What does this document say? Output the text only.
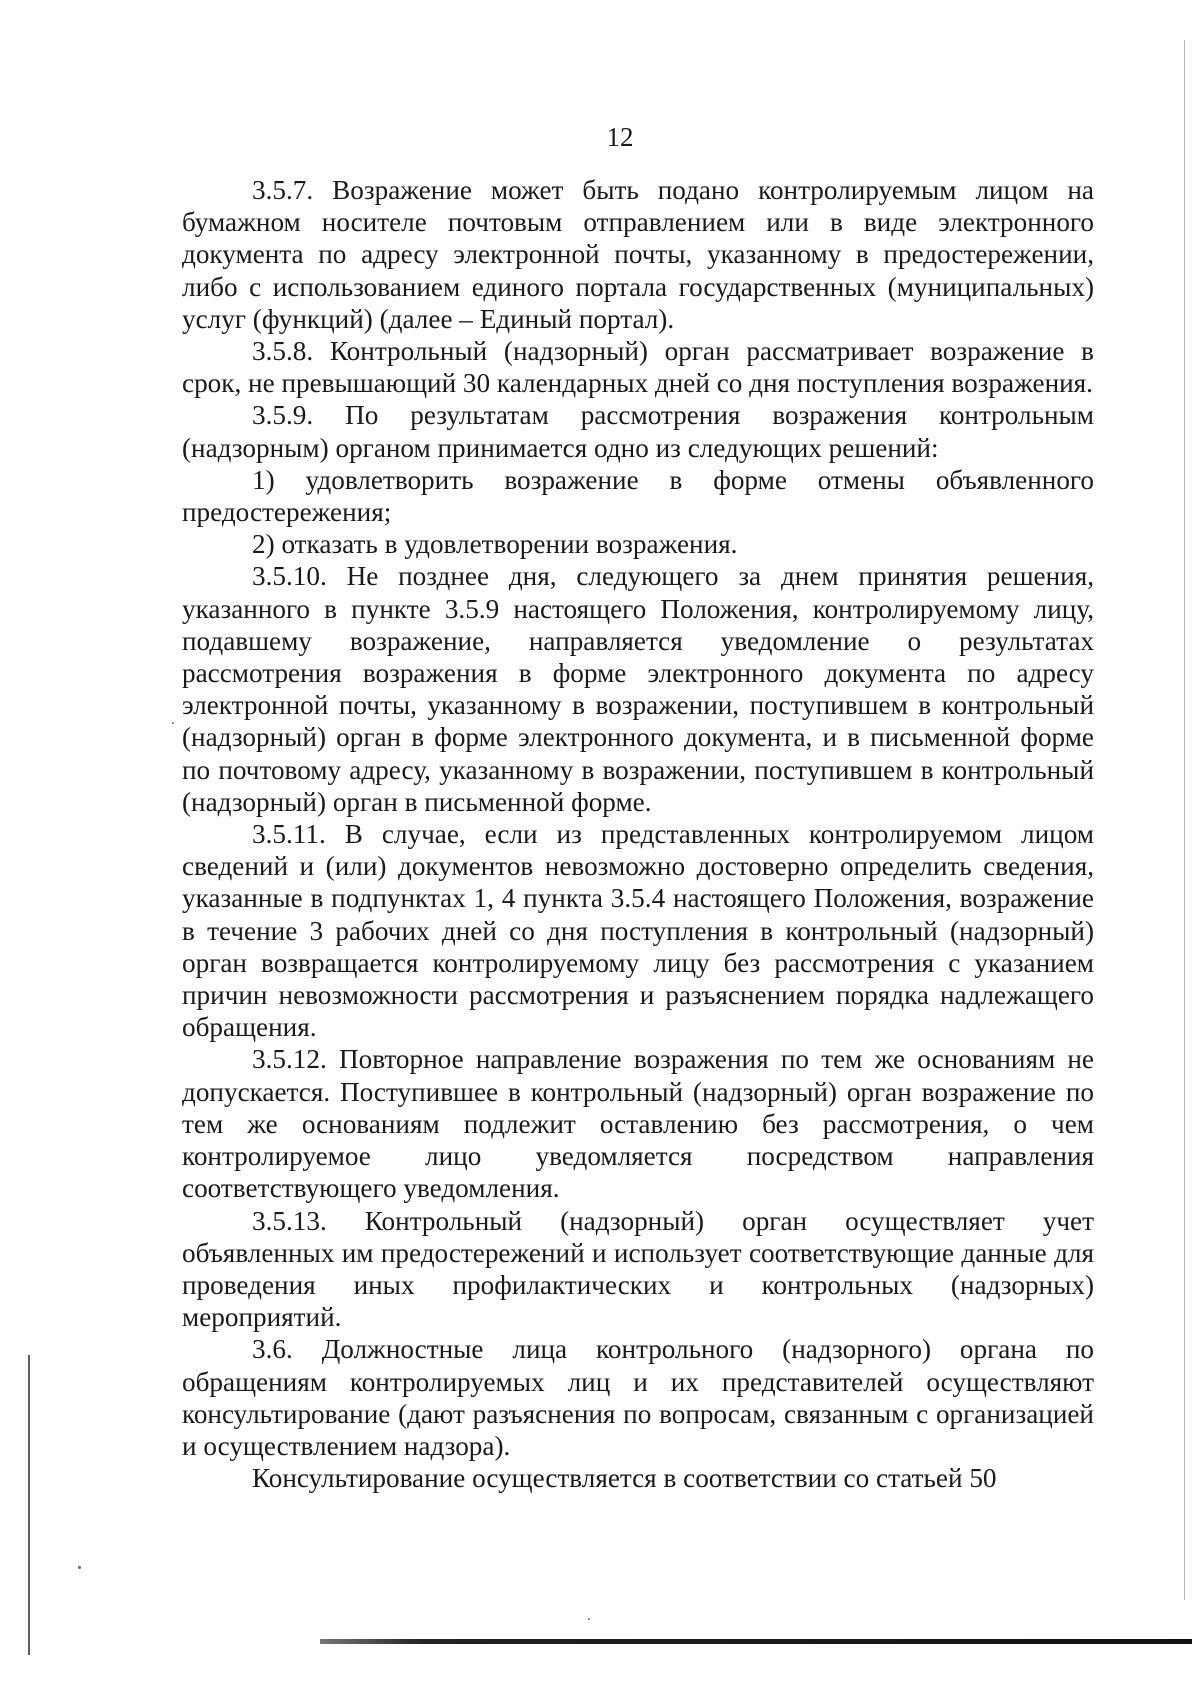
12

3.5.7. Возражение может быть подано контролируемым лицом на бумажном носителе почтовым отправлением или в виде электронного документа по адресу электронной почты, указанному в предостережении, либо с использованием единого портала государственных (муниципальных) услуг (функций) (далее – Единый портал).

3.5.8. Контрольный (надзорный) орган рассматривает возражение в срок, не превышающий 30 календарных дней со дня поступления возражения.

3.5.9. По результатам рассмотрения возражения контрольным (надзорным) органом принимается одно из следующих решений:

1) удовлетворить возражение в форме отмены объявленного предостережения;

2) отказать в удовлетворении возражения.

3.5.10. Не позднее дня, следующего за днем принятия решения, указанного в пункте 3.5.9 настоящего Положения, контролируемому лицу, подавшему возражение, направляется уведомление о результатах рассмотрения возражения в форме электронного документа по адресу электронной почты, указанному в возражении, поступившем в контрольный (надзорный) орган в форме электронного документа, и в письменной форме по почтовому адресу, указанному в возражении, поступившем в контрольный (надзорный) орган в письменной форме.

3.5.11. В случае, если из представленных контролируемом лицом сведений и (или) документов невозможно достоверно определить сведения, указанные в подпунктах 1, 4 пункта 3.5.4 настоящего Положения, возражение в течение 3 рабочих дней со дня поступления в контрольный (надзорный) орган возвращается контролируемому лицу без рассмотрения с указанием причин невозможности рассмотрения и разъяснением порядка надлежащего обращения.

3.5.12. Повторное направление возражения по тем же основаниям не допускается. Поступившее в контрольный (надзорный) орган возражение по тем же основаниям подлежит оставлению без рассмотрения, о чем контролируемое лицо уведомляется посредством направления соответствующего уведомления.

3.5.13. Контрольный (надзорный) орган осуществляет учет объявленных им предостережений и использует соответствующие данные для проведения иных профилактических и контрольных (надзорных) мероприятий.

3.6. Должностные лица контрольного (надзорного) органа по обращениям контролируемых лиц и их представителей осуществляют консультирование (дают разъяснения по вопросам, связанным с организацией и осуществлением надзора).

Консультирование осуществляется в соответствии со статьей 50
